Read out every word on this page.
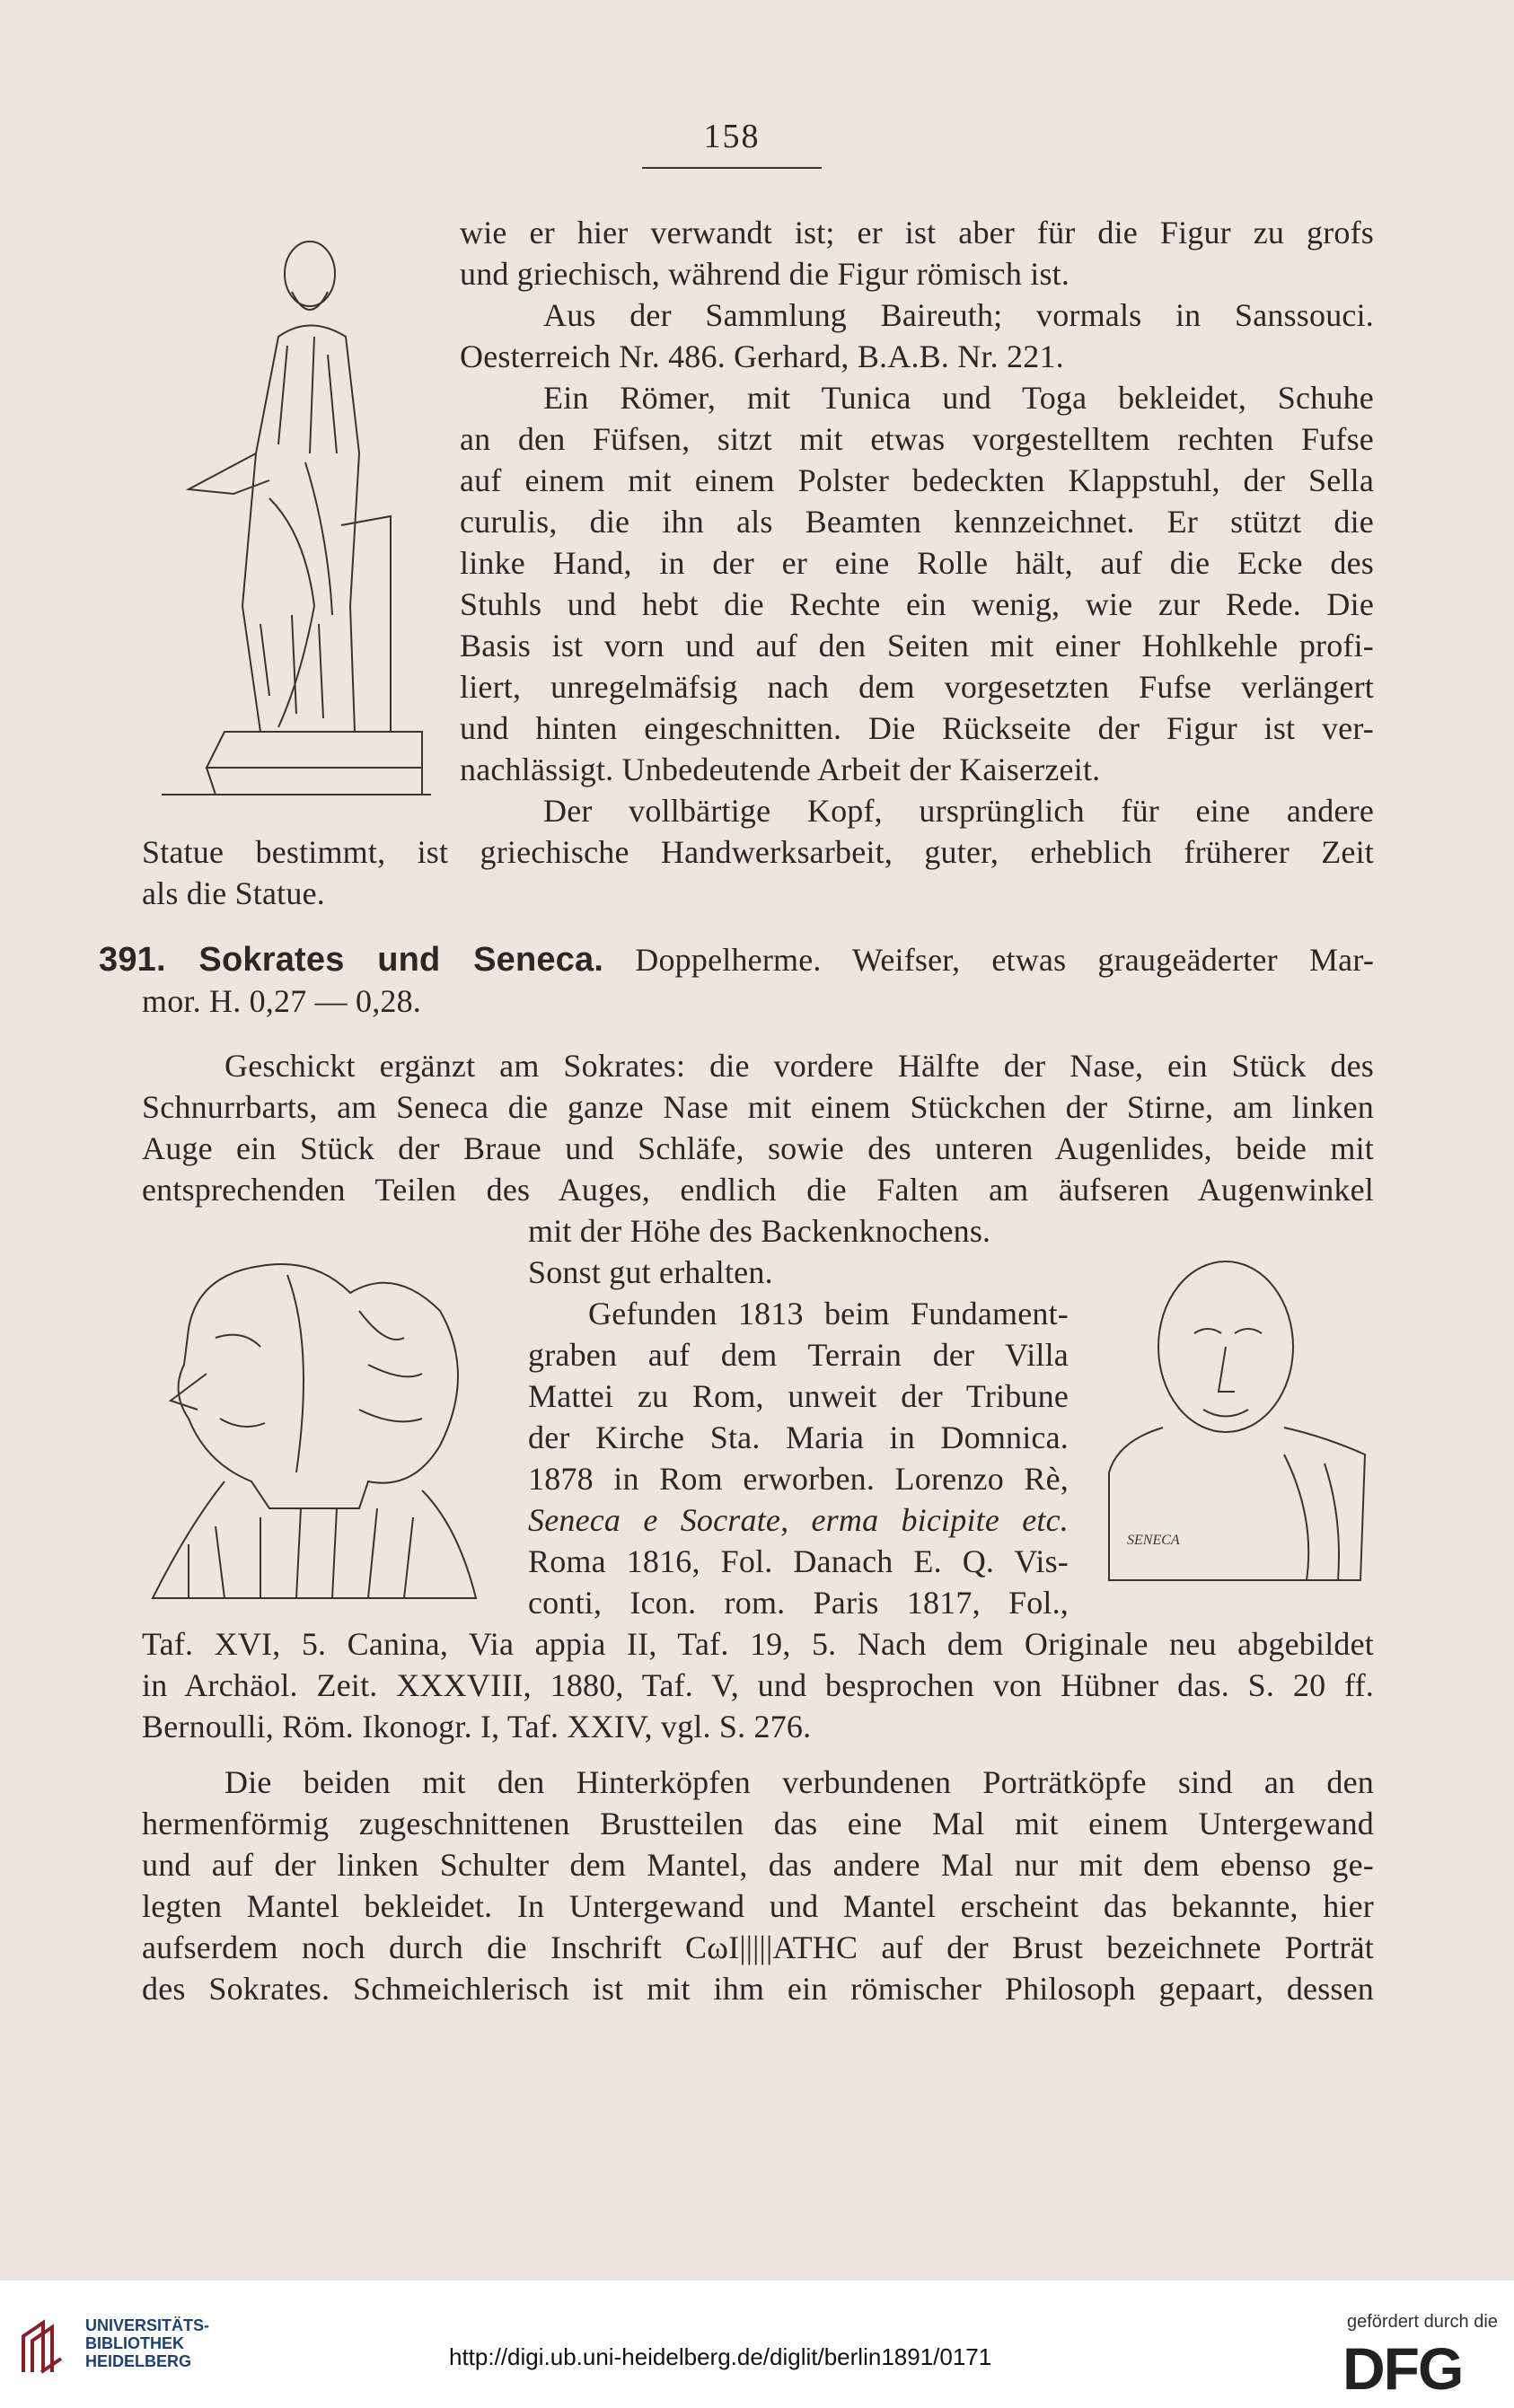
158
SENECA
wie er hier verwandt ist; er ist aber für die Figur zu grofs
und griechisch, während die Figur römisch ist.
Aus der Sammlung Baireuth; vormals in Sanssouci.
Oesterreich Nr. 486. Gerhard, B.A.B. Nr. 221.
Ein Römer, mit Tunica und Toga bekleidet, Schuhe
an den Füfsen, sitzt mit etwas vorgestelltem rechten Fufse
auf einem mit einem Polster bedeckten Klappstuhl, der Sella
curulis, die ihn als Beamten kennzeichnet. Er stützt die
linke Hand, in der er eine Rolle hält, auf die Ecke des
Stuhls und hebt die Rechte ein wenig, wie zur Rede. Die
Basis ist vorn und auf den Seiten mit einer Hohlkehle profi-
liert, unregelmäfsig nach dem vorgesetzten Fufse verlängert
und hinten eingeschnitten. Die Rückseite der Figur ist ver-
nachlässigt. Unbedeutende Arbeit der Kaiserzeit.
Der vollbärtige Kopf, ursprünglich für eine andere
Statue bestimmt, ist griechische Handwerksarbeit, guter, erheblich früherer Zeit
als die Statue.
391. Sokrates und Seneca. Doppelherme. Weifser, etwas graugeäderter Mar-
mor. H. 0,27 — 0,28.
Geschickt ergänzt am Sokrates: die vordere Hälfte der Nase, ein Stück des
Schnurrbarts, am Seneca die ganze Nase mit einem Stückchen der Stirne, am linken
Auge ein Stück der Braue und Schläfe, sowie des unteren Augenlides, beide mit
entsprechenden Teilen des Auges, endlich die Falten am äufseren Augenwinkel
mit der Höhe des Backenknochens.
Sonst gut erhalten.
Gefunden 1813 beim Fundament-
graben auf dem Terrain der Villa
Mattei zu Rom, unweit der Tribune
der Kirche Sta. Maria in Domnica.
1878 in Rom erworben. Lorenzo Rè,
Seneca e Socrate, erma bicipite etc.
Roma 1816, Fol. Danach E. Q. Vis-
conti, Icon. rom. Paris 1817, Fol.,
Taf. XVI, 5. Canina, Via appia II, Taf. 19, 5. Nach dem Originale neu abgebildet
in Archäol. Zeit. XXXVIII, 1880, Taf. V, und besprochen von Hübner das. S. 20 ff.
Bernoulli, Röm. Ikonogr. I, Taf. XXIV, vgl. S. 276.
Die beiden mit den Hinterköpfen verbundenen Porträtköpfe sind an den
hermenförmig zugeschnittenen Brustteilen das eine Mal mit einem Untergewand
und auf der linken Schulter dem Mantel, das andere Mal nur mit dem ebenso ge-
legten Mantel bekleidet. In Untergewand und Mantel erscheint das bekannte, hier
aufserdem noch durch die Inschrift CωI|||||ATHC auf der Brust bezeichnete Porträt
des Sokrates. Schmeichlerisch ist mit ihm ein römischer Philosoph gepaart, dessen
UNIVERSITÄTS-
BIBLIOTHEK
HEIDELBERG	http://digi.ub.uni-heidelberg.de/diglit/berlin1891/0171
gefördert durch die
DFG
